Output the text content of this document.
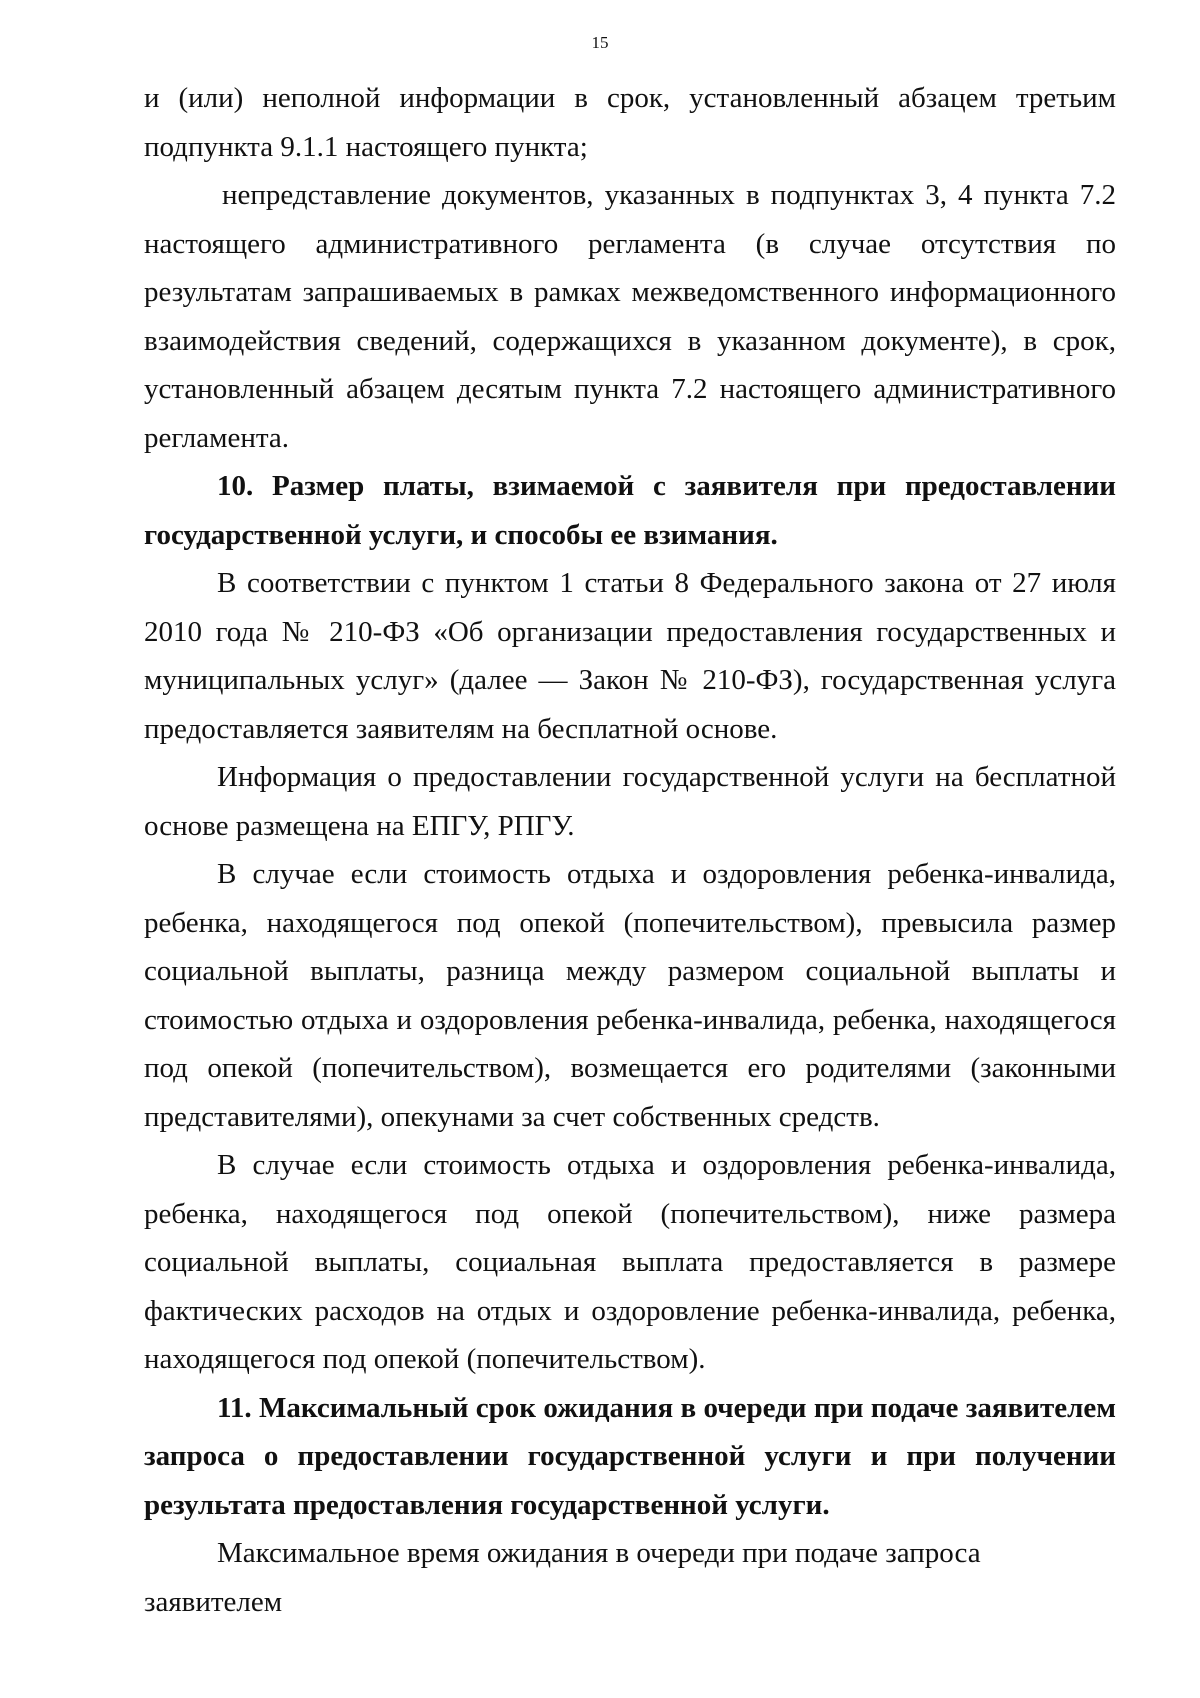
15

и (или) неполной информации в срок, установленный абзацем третьим подпункта 9.1.1 настоящего пункта;

непредставление документов, указанных в подпунктах 3, 4 пункта 7.2 настоящего административного регламента (в случае отсутствия по результатам запрашиваемых в рамках межведомственного информационного взаимодействия сведений, содержащихся в указанном документе), в срок, установленный абзацем десятым пункта 7.2 настоящего административного регламента.

10. Размер платы, взимаемой с заявителя при предоставлении государственной услуги, и способы ее взимания.

В соответствии с пунктом 1 статьи 8 Федерального закона от 27 июля 2010 года № 210-ФЗ «Об организации предоставления государственных и муниципальных услуг» (далее — Закон № 210-ФЗ), государственная услуга предоставляется заявителям на бесплатной основе.

Информация о предоставлении государственной услуги на бесплатной основе размещена на ЕПГУ, РПГУ.

В случае если стоимость отдыха и оздоровления ребенка-инвалида, ребенка, находящегося под опекой (попечительством), превысила размер социальной выплаты, разница между размером социальной выплаты и стоимостью отдыха и оздоровления ребенка-инвалида, ребенка, находящегося под опекой (попечительством), возмещается его родителями (законными представителями), опекунами за счет собственных средств.

В случае если стоимость отдыха и оздоровления ребенка-инвалида, ребенка, находящегося под опекой (попечительством), ниже размера социальной выплаты, социальная выплата предоставляется в размере фактических расходов на отдых и оздоровление ребенка-инвалида, ребенка, находящегося под опекой (попечительством).

11. Максимальный срок ожидания в очереди при подаче заявителем запроса о предоставлении государственной услуги и при получении результата предоставления государственной услуги.

Максимальное время ожидания в очереди при подаче запроса заявителем
